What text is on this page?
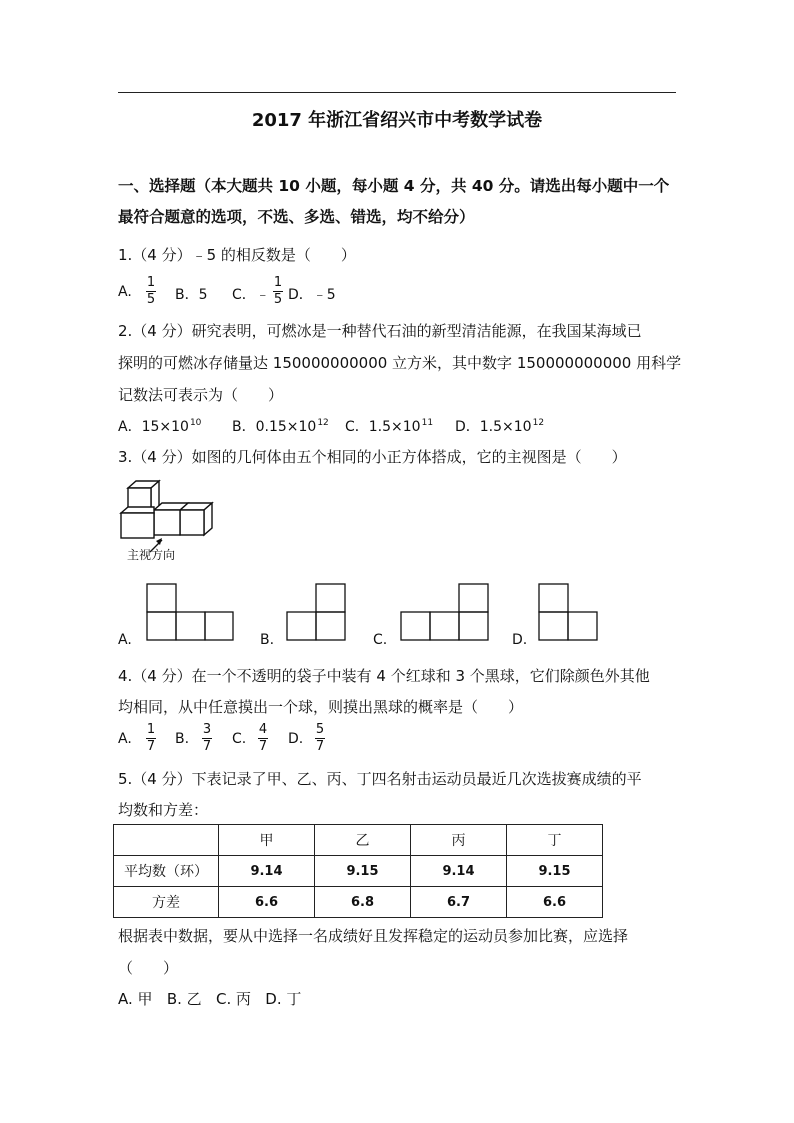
2017 年浙江省绍兴市中考数学试卷
一、选择题（本大题共 10 小题，每小题 4 分，共 40 分。请选出每小题中一个
最符合题意的选项，不选、多选、错选，均不给分）
1.（4 分）﹣5 的相反数是（　　）
A.
1
5 B．5 C．﹣
1
5 D．﹣5
2.（4 分）研究表明，可燃冰是一种替代石油的新型清洁能源，在我国某海域已
探明的可燃冰存储量达 150000000000 立方米，其中数字 150000000000 用科学
记数法可表示为（　　）
A．$15\times 10^{10}$ B．$0.15\times 10^{12}$ C．$1.5\times 10^{11}$ D．$1.5\times 10^{12}$
3.（4 分）如图的几何体由五个相同的小正方体搭成，它的主视图是（　　）
主视方向
A.	B.	C.	D.
4.（4 分）在一个不透明的袋子中装有 4 个红球和 3 个黑球，它们除颜色外其他
均相同，从中任意摸出一个球，则摸出黑球的概率是（　　）
A.
1
7 B.
3
7 C.
4
7 D.
5
7
5.（4 分）下表记录了甲、乙、丙、丁四名射击运动员最近几次选拔赛成绩的平
均数和方差：
	甲	乙	丙	丁
平均数（环）	9.14	9.15	9.14	9.15
方差	6.6	6.8	6.7	6.6
根据表中数据，要从中选择一名成绩好且发挥稳定的运动员参加比赛，应选择
（　　）
A. 甲   B. 乙   C. 丙   D. 丁
